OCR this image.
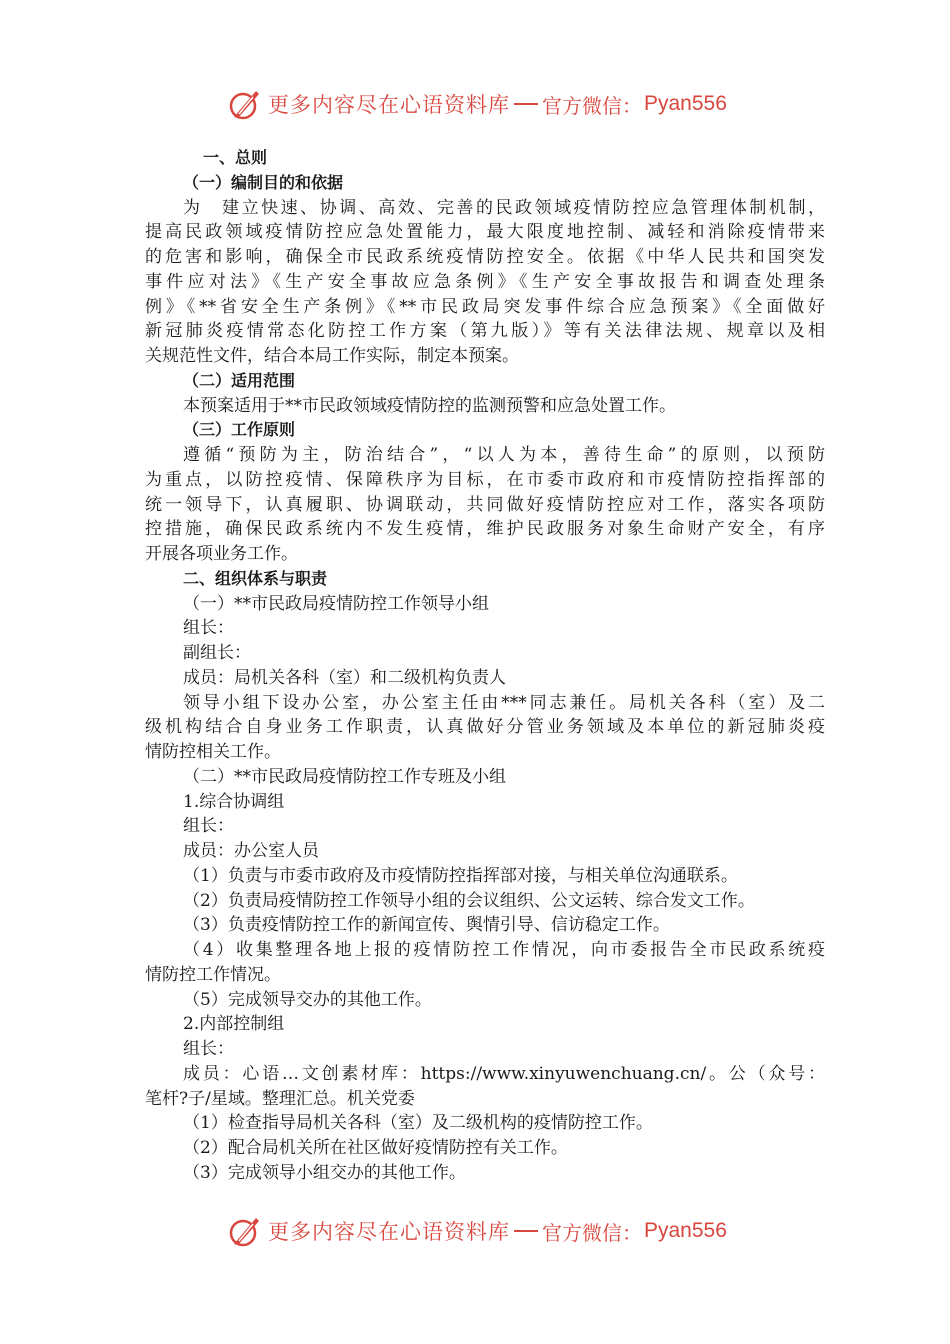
更多内容尽在心语资料库 官方微信： Pyan556
一、总则
（一）编制目的和依据
为　建立快速、协调、高效、完善的民政领域疫情防控应急管理体制机制，
提高民政领域疫情防控应急处置能力，最大限度地控制、减轻和消除疫情带来
的危害和影响，确保全市民政系统疫情防控安全。依据《中华人民共和国突发
事件应对法》《生产安全事故应急条例》《生产安全事故报告和调查处理条
例》《**省安全生产条例》《**市民政局突发事件综合应急预案》《全面做好
新冠肺炎疫情常态化防控工作方案（第九版）》等有关法律法规、规章以及相
关规范性文件，结合本局工作实际，制定本预案。
（二）适用范围
本预案适用于**市民政领域疫情防控的监测预警和应急处置工作。
（三）工作原则
遵循“预防为主，防治结合”，“以人为本，善待生命”的原则，以预防
为重点，以防控疫情、保障秩序为目标，在市委市政府和市疫情防控指挥部的
统一领导下，认真履职、协调联动，共同做好疫情防控应对工作，落实各项防
控措施，确保民政系统内不发生疫情，维护民政服务对象生命财产安全，有序
开展各项业务工作。
二、组织体系与职责
（一）**市民政局疫情防控工作领导小组
组长：
副组长：
成员：局机关各科（室）和二级机构负责人
领导小组下设办公室，办公室主任由***同志兼任。局机关各科（室）及二
级机构结合自身业务工作职责，认真做好分管业务领域及本单位的新冠肺炎疫
情防控相关工作。
（二）**市民政局疫情防控工作专班及小组
1.综合协调组
组长：
成员：办公室人员
（1）负责与市委市政府及市疫情防控指挥部对接，与相关单位沟通联系。
（2）负责局疫情防控工作领导小组的会议组织、公文运转、综合发文工作。
（3）负责疫情防控工作的新闻宣传、舆情引导、信访稳定工作。
（4）收集整理各地上报的疫情防控工作情况，向市委报告全市民政系统疫
情防控工作情况。
（5）完成领导交办的其他工作。
2.内部控制组
组长：
成员：心语…文创素材库：https://www.xinyuwenchuang.cn/。公（众号：
笔杆?子/星域。整理汇总。机关党委
（1）检查指导局机关各科（室）及二级机构的疫情防控工作。
（2）配合局机关所在社区做好疫情防控有关工作。
（3）完成领导小组交办的其他工作。
更多内容尽在心语资料库 官方微信： Pyan556
